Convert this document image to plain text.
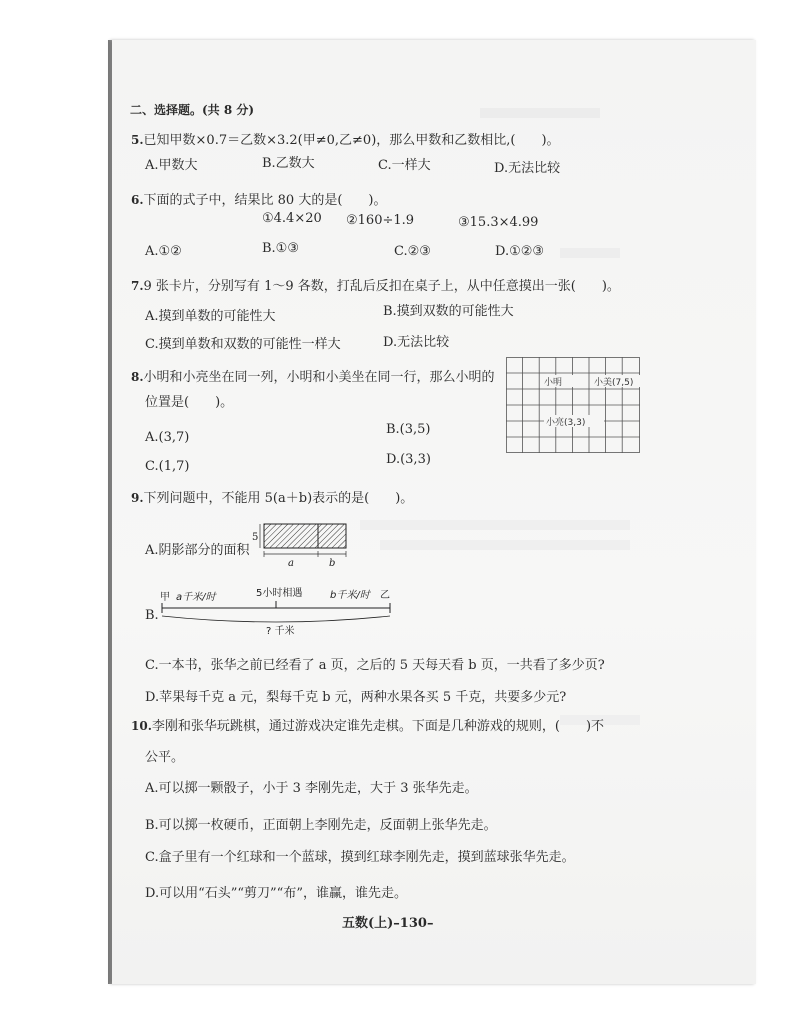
二、选择题。(共 8 分)
5.已知甲数×0.7＝乙数×3.2(甲≠0,乙≠0)，那么甲数和乙数相比,(　　)。
A.甲数大	B.乙数大	C.一样大	D.无法比较
6.下面的式子中，结果比 80 大的是(　　)。
①4.4×20 ②160÷1.9	③15.3×4.99
A.①②	B.①③	C.②③	D.①②③
7.9 张卡片，分别写有 1～9 各数，打乱后反扣在桌子上，从中任意摸出一张(　　)。
A.摸到单数的可能性大	B.摸到双数的可能性大
C.摸到单数和双数的可能性一样大	D.无法比较
8.小明和小亮坐在同一列，小明和小美坐在同一行，那么小明的
位置是(　　)。
A.(3,7)
B.(3,5)
C.(1,7)	D.(3,3)
小明	小美(7,5)
小亮(3,3)
9.下列问题中，不能用 5(a＋b)表示的是(　　)。
A.阴影部分的面积
5
a	b
B.
甲 a千米/时	5小时相遇	b千米/时 乙
? 千米
C.一本书，张华之前已经看了 a 页，之后的 5 天每天看 b 页，一共看了多少页?
D.苹果每千克 a 元，梨每千克 b 元，两种水果各买 5 千克，共要多少元?
10.李刚和张华玩跳棋，通过游戏决定谁先走棋。下面是几种游戏的规则，(　　)不
公平。
A.可以掷一颗骰子，小于 3 李刚先走，大于 3 张华先走。
B.可以掷一枚硬币，正面朝上李刚先走，反面朝上张华先走。
C.盒子里有一个红球和一个蓝球，摸到红球李刚先走，摸到蓝球张华先走。
D.可以用“石头”“剪刀”“布”，谁赢，谁先走。
五数(上)–130–
